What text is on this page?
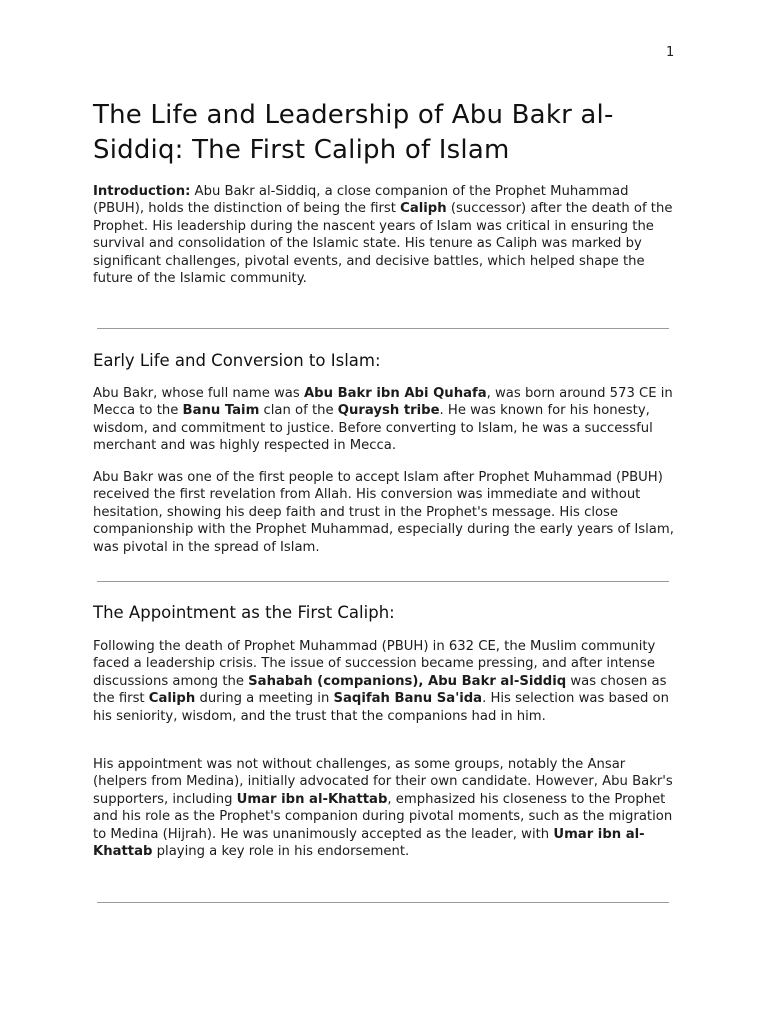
1
The Life and Leadership of Abu Bakr al-Siddiq: The First Caliph of Islam

Introduction: Abu Bakr al-Siddiq, a close companion of the Prophet Muhammad (PBUH), holds the distinction of being the first Caliph (successor) after the death of the Prophet. His leadership during the nascent years of Islam was critical in ensuring the survival and consolidation of the Islamic state. His tenure as Caliph was marked by significant challenges, pivotal events, and decisive battles, which helped shape the future of the Islamic community.

Early Life and Conversion to Islam:

Abu Bakr, whose full name was Abu Bakr ibn Abi Quhafa, was born around 573 CE in Mecca to the Banu Taim clan of the Quraysh tribe. He was known for his honesty, wisdom, and commitment to justice. Before converting to Islam, he was a successful merchant and was highly respected in Mecca.

Abu Bakr was one of the first people to accept Islam after Prophet Muhammad (PBUH) received the first revelation from Allah. His conversion was immediate and without hesitation, showing his deep faith and trust in the Prophet's message. His close companionship with the Prophet Muhammad, especially during the early years of Islam, was pivotal in the spread of Islam.

The Appointment as the First Caliph:

Following the death of Prophet Muhammad (PBUH) in 632 CE, the Muslim community faced a leadership crisis. The issue of succession became pressing, and after intense discussions among the Sahabah (companions), Abu Bakr al-Siddiq was chosen as the first Caliph during a meeting in Saqifah Banu Sa'ida. His selection was based on his seniority, wisdom, and the trust that the companions had in him.

His appointment was not without challenges, as some groups, notably the Ansar (helpers from Medina), initially advocated for their own candidate. However, Abu Bakr's supporters, including Umar ibn al-Khattab, emphasized his closeness to the Prophet and his role as the Prophet's companion during pivotal moments, such as the migration to Medina (Hijrah). He was unanimously accepted as the leader, with Umar ibn al-Khattab playing a key role in his endorsement.
